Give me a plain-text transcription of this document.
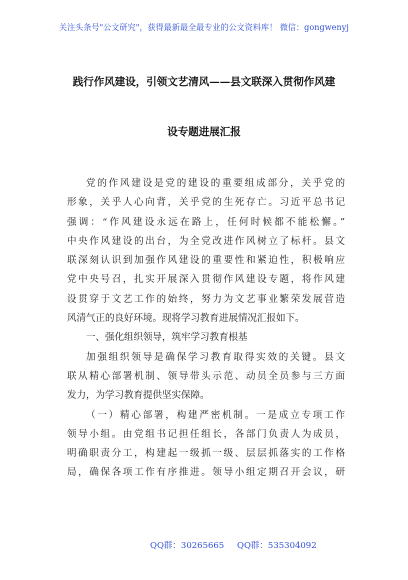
关注头条号"公文研究"，获得最新最全最专业的公文资料库！ 微信：gongwenyj
践行作风建设，引领文艺清风——县文联深入贯彻作风建
设专题进展汇报
党的作风建设是党的建设的重要组成部分，关乎党的
形象，关乎人心向背，关乎党的生死存亡。习近平总书记
强调：“作风建设永远在路上，任何时候都不能松懈。”
中央作风建设的出台，为全党改进作风树立了标杆。县文
联深刻认识到加强作风建设的重要性和紧迫性，积极响应
党中央号召，扎实开展深入贯彻作风建设专题，将作风建
设贯穿于文艺工作的始终，努力为文艺事业繁荣发展营造
风清气正的良好环境。现将学习教育进展情况汇报如下。
一、强化组织领导，筑牢学习教育根基
加强组织领导是确保学习教育取得实效的关键。县文
联从精心部署机制、领导带头示范、动员全员参与三方面
发力，为学习教育提供坚实保障。
（一）精心部署，构建严密机制。一是成立专项工作
领导小组。由党组书记担任组长，各部门负责人为成员，
明确职责分工，构建起一级抓一级、层层抓落实的工作格
局，确保各项工作有序推进。领导小组定期召开会议，研
QQ群：30265665 QQ群：535304092
